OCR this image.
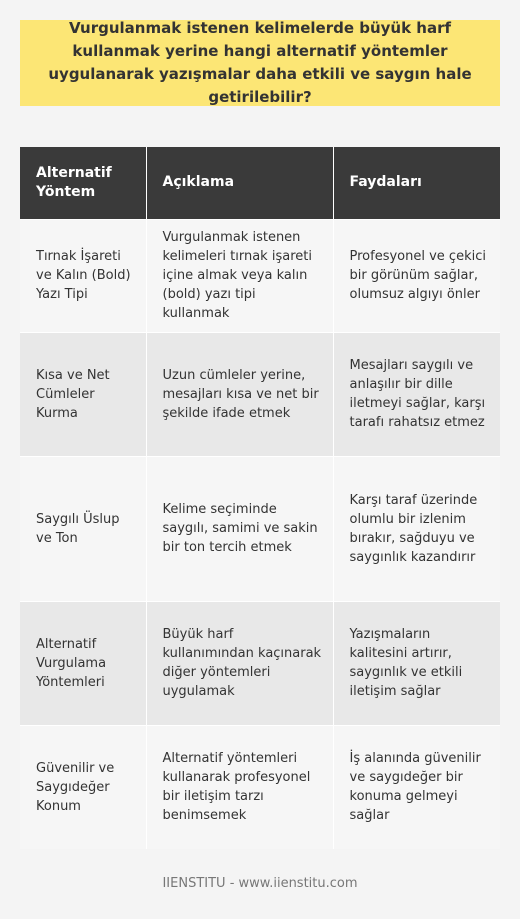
Vurgulanmak istenen kelimelerde büyük harf kullanmak yerine hangi alternatif yöntemler uygulanarak yazışmalar daha etkili ve saygın hale getirilebilir?
Alternatif Yöntem	Açıklama	Faydaları
Tırnak İşareti ve Kalın (Bold) Yazı Tipi	Vurgulanmak istenen kelimeleri tırnak işareti içine almak veya kalın (bold) yazı tipi kullanmak	Profesyonel ve çekici bir görünüm sağlar, olumsuz algıyı önler
Kısa ve Net Cümleler Kurma	Uzun cümleler yerine, mesajları kısa ve net bir şekilde ifade etmek	Mesajları saygılı ve anlaşılır bir dille iletmeyi sağlar, karşı tarafı rahatsız etmez
Saygılı Üslup ve Ton	Kelime seçiminde saygılı, samimi ve sakin bir ton tercih etmek	Karşı taraf üzerinde olumlu bir izlenim bırakır, sağduyu ve saygınlık kazandırır
Alternatif Vurgulama Yöntemleri	Büyük harf kullanımından kaçınarak diğer yöntemleri uygulamak	Yazışmaların kalitesini artırır, saygınlık ve etkili iletişim sağlar
Güvenilir ve Saygıdeğer Konum	Alternatif yöntemleri kullanarak profesyonel bir iletişim tarzı benimsemek	İş alanında güvenilir ve saygıdeğer bir konuma gelmeyi sağlar
IIENSTITU - www.iienstitu.com
